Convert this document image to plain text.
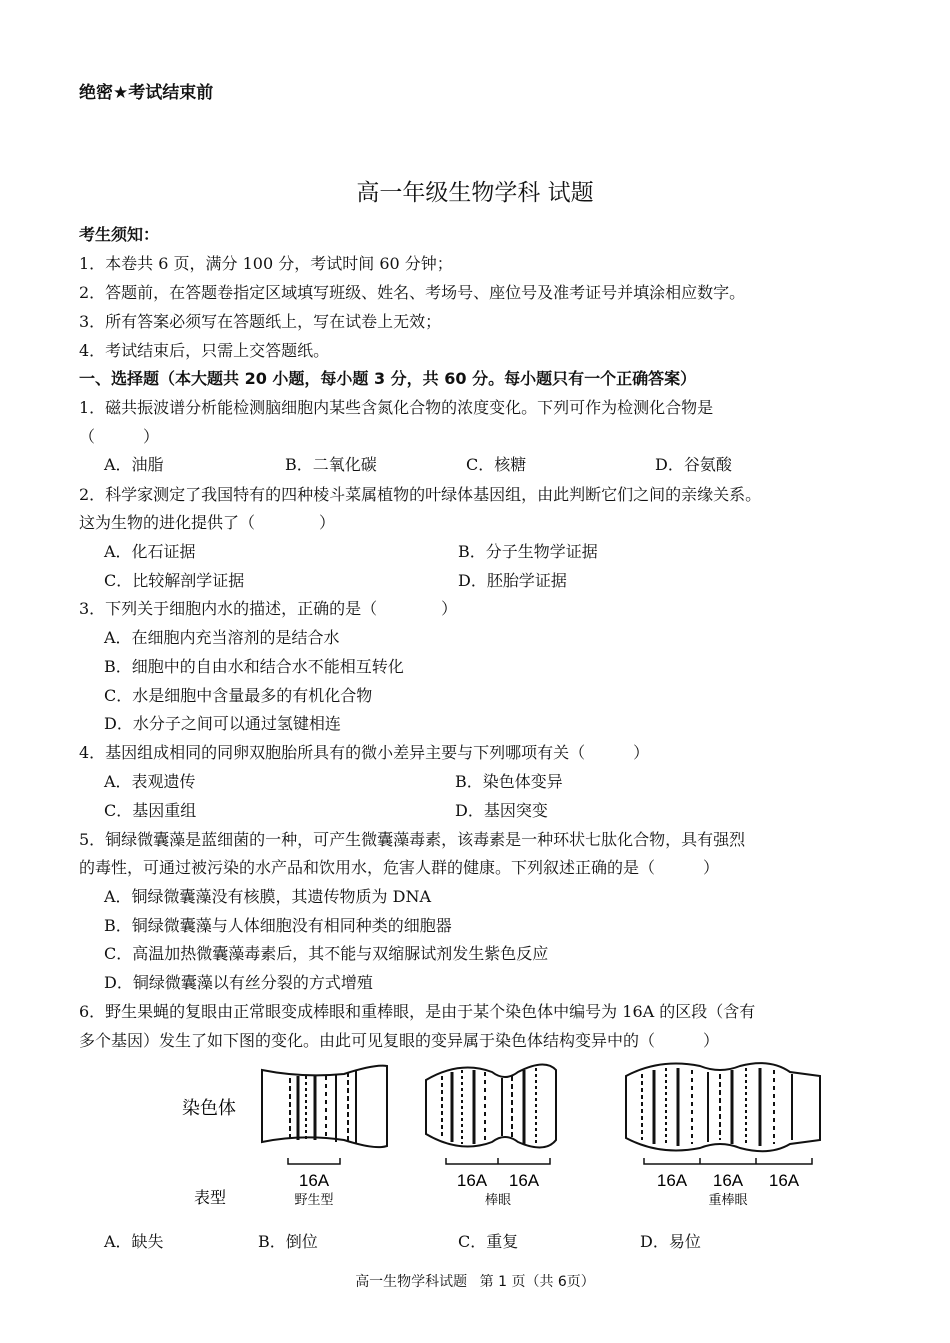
绝密★考试结束前
高一年级生物学科 试题
考生须知：
1．本卷共 6 页，满分 100 分，考试时间 60 分钟；
2．答题前，在答题卷指定区域填写班级、姓名、考场号、座位号及准考证号并填涂相应数字。
3．所有答案必须写在答题纸上，写在试卷上无效；
4．考试结束后，只需上交答题纸。
一、选择题（本大题共 20 小题，每小题 3 分，共 60 分。每小题只有一个正确答案）
1．磁共振波谱分析能检测脑细胞内某些含氮化合物的浓度变化。下列可作为检测化合物是
（　　　）
A．油脂	B．二氧化碳	C．核糖	D．谷氨酸
2．科学家测定了我国特有的四种棱斗菜属植物的叶绿体基因组，由此判断它们之间的亲缘关系。
这为生物的进化提供了（　　　　）
A．化石证据	B．分子生物学证据
C．比较解剖学证据	D．胚胎学证据
3．下列关于细胞内水的描述，正确的是（　　　　）
A．在细胞内充当溶剂的是结合水
B．细胞中的自由水和结合水不能相互转化
C．水是细胞中含量最多的有机化合物
D．水分子之间可以通过氢键相连
4．基因组成相同的同卵双胞胎所具有的微小差异主要与下列哪项有关（　　　）
A．表观遗传	B．染色体变异
C．基因重组	D．基因突变
5．铜绿微囊藻是蓝细菌的一种，可产生微囊藻毒素，该毒素是一种环状七肽化合物，具有强烈
的毒性，可通过被污染的水产品和饮用水，危害人群的健康。下列叙述正确的是（　　　）
A．铜绿微囊藻没有核膜，其遗传物质为 DNA
B．铜绿微囊藻与人体细胞没有相同种类的细胞器
C．高温加热微囊藻毒素后，其不能与双缩脲试剂发生紫色反应
D．铜绿微囊藻以有丝分裂的方式增殖
6．野生果蝇的复眼由正常眼变成棒眼和重棒眼，是由于某个染色体中编号为 16A 的区段（含有
多个基因）发生了如下图的变化。由此可见复眼的变异属于染色体结构变异中的（　　　）
染色体
表型
16A	16A 16A	16A 16A 16A
野生型	棒眼	重棒眼
A．缺失	B．倒位	C．重复	D．易位
高一生物学科试题 第 1 页（共 6页）
